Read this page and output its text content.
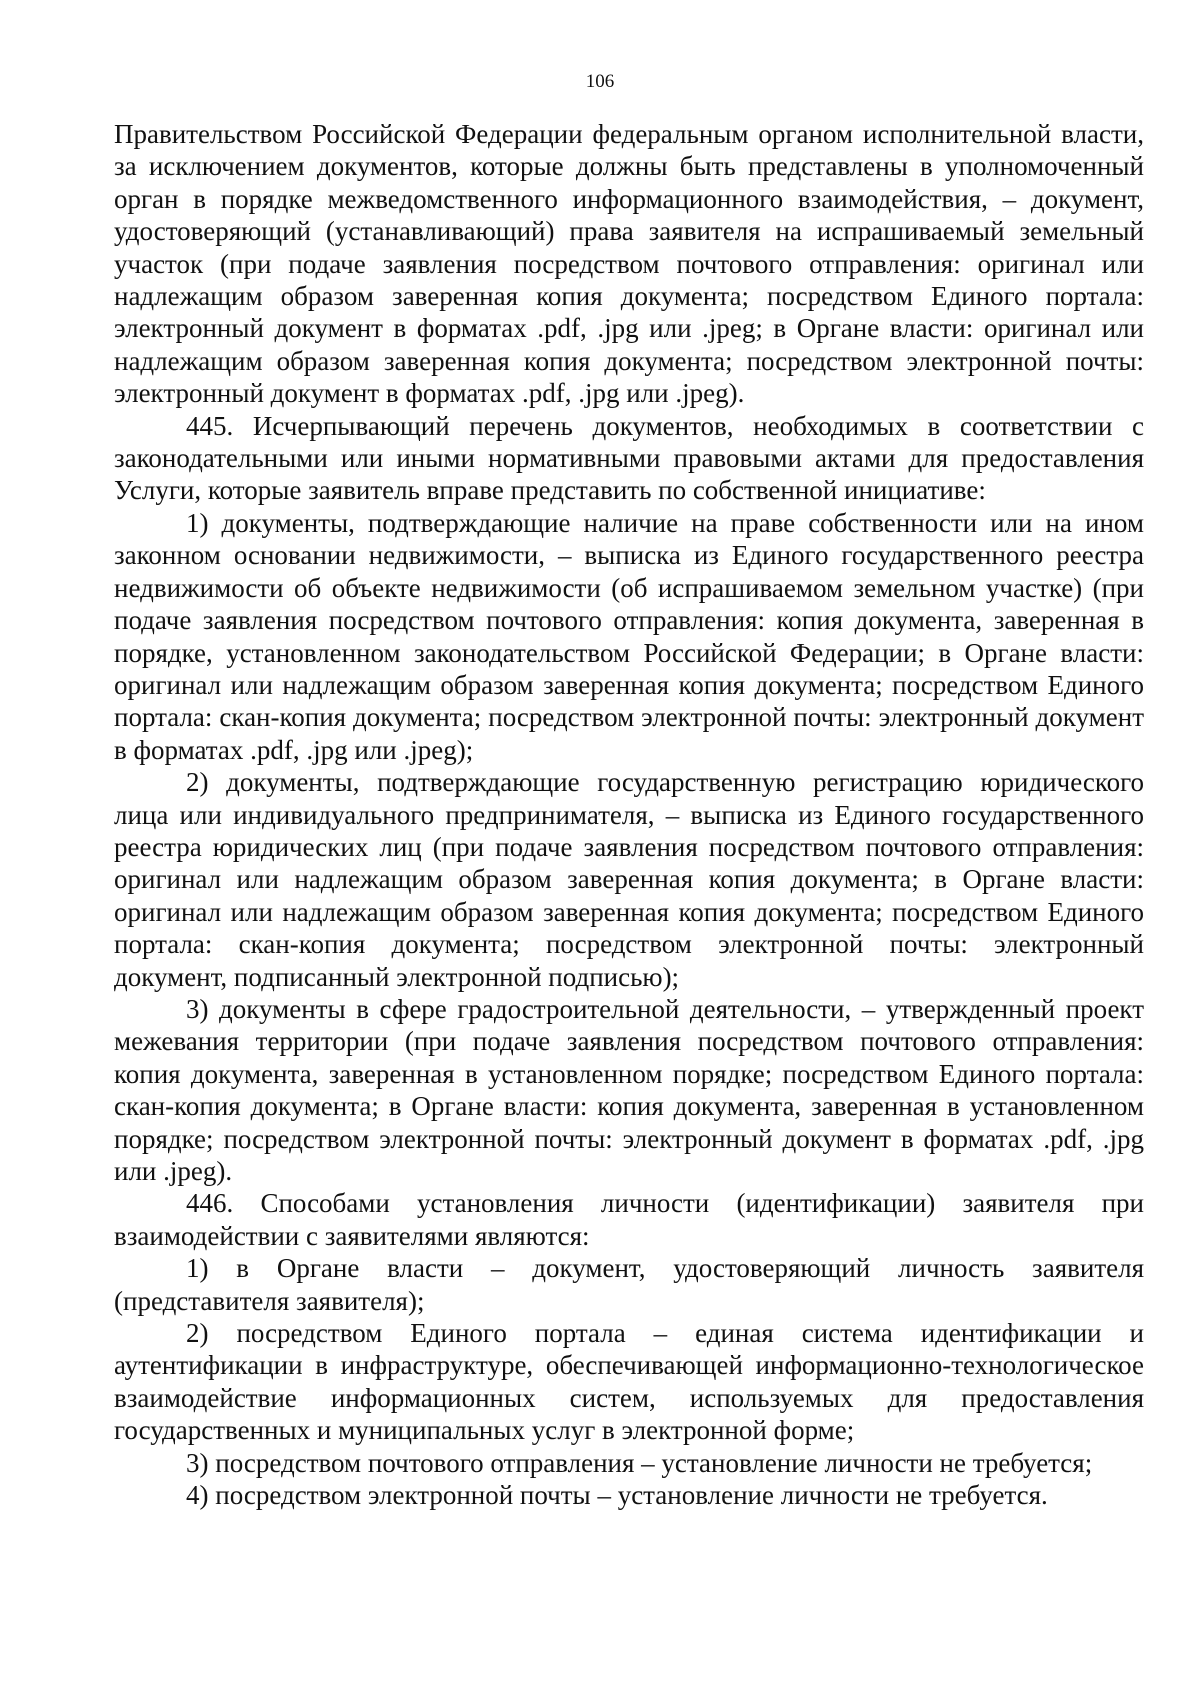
106

Правительством Российской Федерации федеральным органом исполнительной власти, за исключением документов, которые должны быть представлены в уполномоченный орган в порядке межведомственного информационного взаимодействия, – документ, удостоверяющий (устанавливающий) права заявителя на испрашиваемый земельный участок (при подаче заявления посредством почтового отправления: оригинал или надлежащим образом заверенная копия документа; посредством Единого портала: электронный документ в форматах .pdf, .jpg или .jpeg; в Органе власти: оригинал или надлежащим образом заверенная копия документа; посредством электронной почты: электронный документ в форматах .pdf, .jpg или .jpeg).

445. Исчерпывающий перечень документов, необходимых в соответствии с законодательными или иными нормативными правовыми актами для предоставления Услуги, которые заявитель вправе представить по собственной инициативе:

1) документы, подтверждающие наличие на праве собственности или на ином законном основании недвижимости, – выписка из Единого государственного реестра недвижимости об объекте недвижимости (об испрашиваемом земельном участке) (при подаче заявления посредством почтового отправления: копия документа, заверенная в порядке, установленном законодательством Российской Федерации; в Органе власти: оригинал или надлежащим образом заверенная копия документа; посредством Единого портала: скан-копия документа; посредством электронной почты: электронный документ в форматах .pdf, .jpg или .jpeg);

2) документы, подтверждающие государственную регистрацию юридического лица или индивидуального предпринимателя, – выписка из Единого государственного реестра юридических лиц (при подаче заявления посредством почтового отправления: оригинал или надлежащим образом заверенная копия документа; в Органе власти: оригинал или надлежащим образом заверенная копия документа; посредством Единого портала: скан-копия документа; посредством электронной почты: электронный документ, подписанный электронной подписью);

3) документы в сфере градостроительной деятельности, – утвержденный проект межевания территории (при подаче заявления посредством почтового отправления: копия документа, заверенная в установленном порядке; посредством Единого портала: скан-копия документа; в Органе власти: копия документа, заверенная в установленном порядке; посредством электронной почты: электронный документ в форматах .pdf, .jpg или .jpeg).

446. Способами установления личности (идентификации) заявителя при взаимодействии с заявителями являются:

1) в Органе власти – документ, удостоверяющий личность заявителя (представителя заявителя);

2) посредством Единого портала – единая система идентификации и аутентификации в инфраструктуре, обеспечивающей информационно-технологическое взаимодействие информационных систем, используемых для предоставления государственных и муниципальных услуг в электронной форме;

3) посредством почтового отправления – установление личности не требуется;

4) посредством электронной почты – установление личности не требуется.
